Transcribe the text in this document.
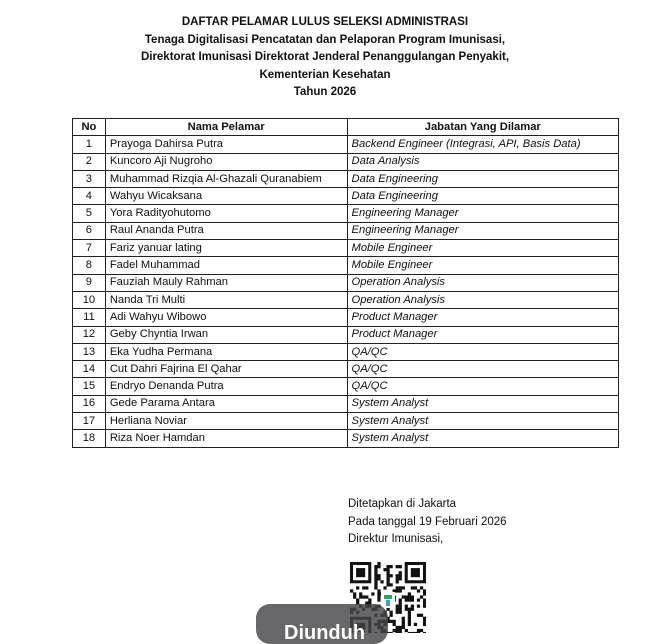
DAFTAR PELAMAR LULUS SELEKSI ADMINISTRASI
Tenaga Digitalisasi Pencatatan dan Pelaporan Program Imunisasi,
Direktorat Imunisasi Direktorat Jenderal Penanggulangan Penyakit,
Kementerian Kesehatan
Tahun 2026
No	Nama Pelamar	Jabatan Yang Dilamar
1	Prayoga Dahirsa Putra	Backend Engineer (Integrasi, API, Basis Data)
2	Kuncoro Aji Nugroho	Data Analysis
3	Muhammad Rizqia Al-Ghazali Quranabiem	Data Engineering
4	Wahyu Wicaksana	Data Engineering
5	Yora Radityohutomo	Engineering Manager
6	Raul Ananda Putra	Engineering Manager
7	Fariz yanuar lating	Mobile Engineer
8	Fadel Muhammad	Mobile Engineer
9	Fauziah Mauly Rahman	Operation Analysis
10	Nanda Tri Multi	Operation Analysis
11	Adi Wahyu Wibowo	Product Manager
12	Geby Chyntia Irwan	Product Manager
13	Eka Yudha Permana	QA/QC
14	Cut Dahri Fajrina El Qahar	QA/QC
15	Endryo Denanda Putra	QA/QC
16	Gede Parama Antara	System Analyst
17	Herliana Noviar	System Analyst
18	Riza Noer Hamdan	System Analyst
Ditetapkan di Jakarta
Pada tanggal 19 Februari 2026
Direktur Imunisasi,
Diunduh
